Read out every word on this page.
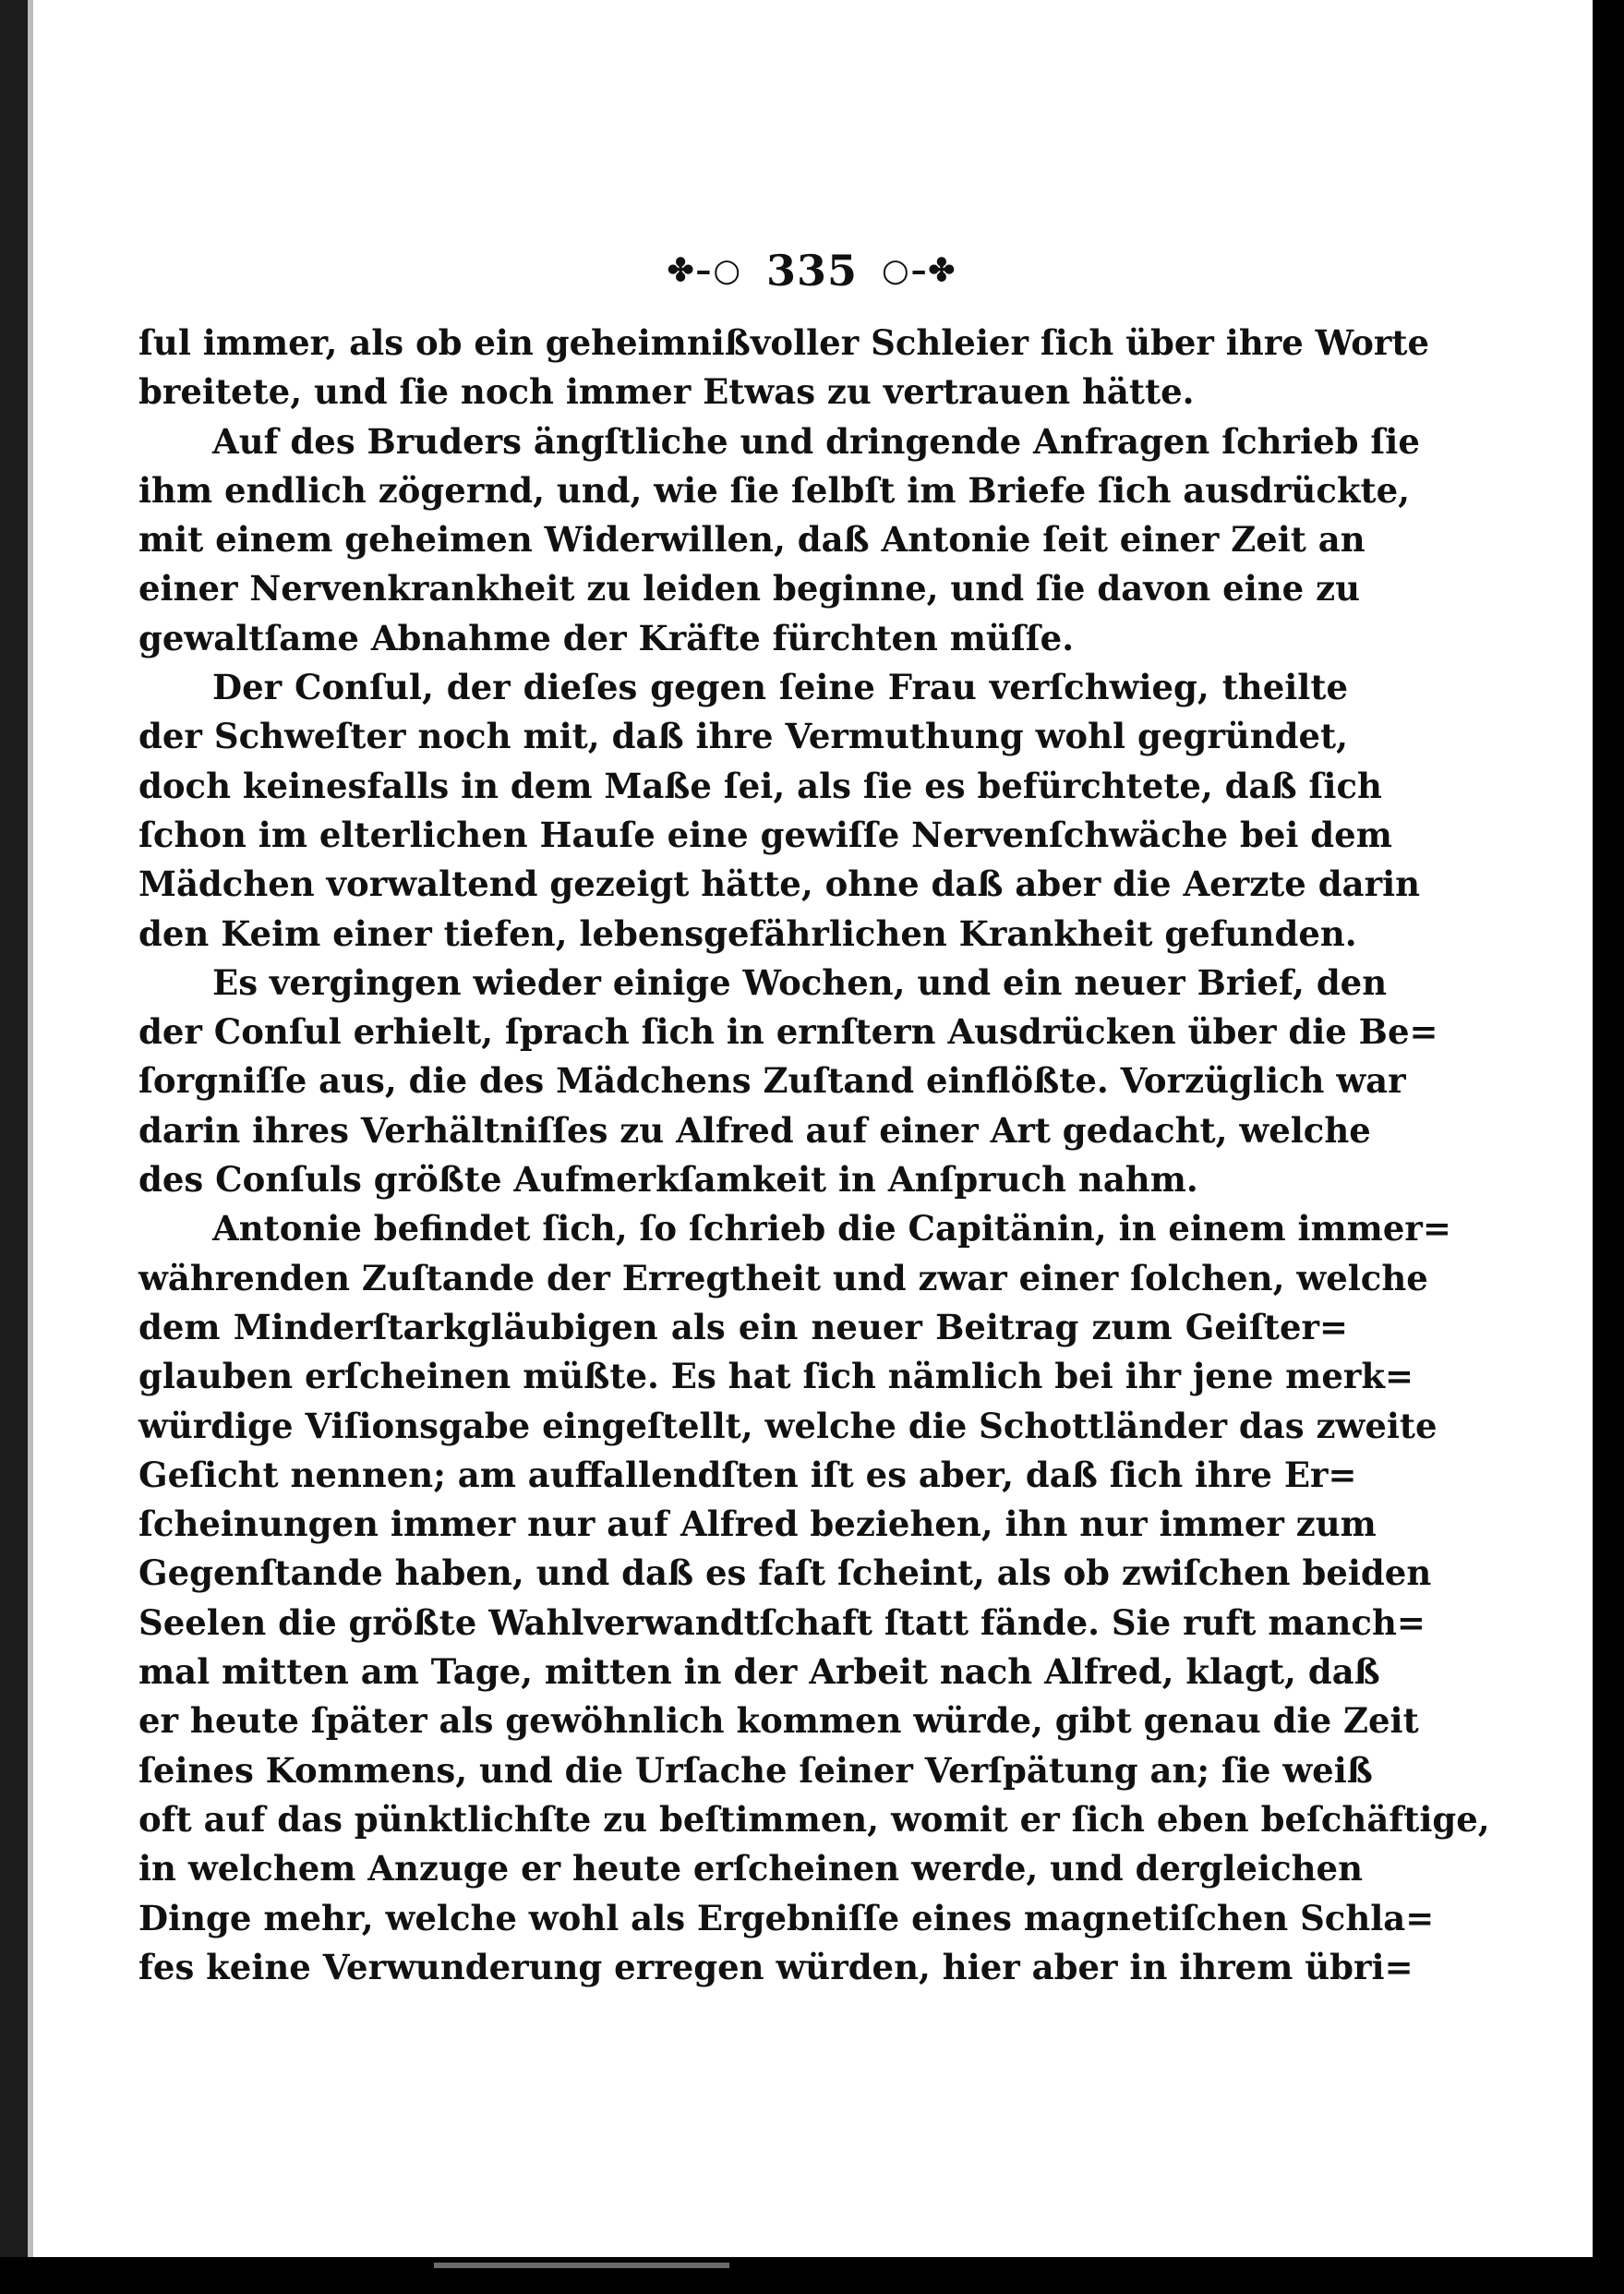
✤–○ 335 ○–✤
ſul immer, als ob ein geheimnißvoller Schleier ſich über ihre Worte
breitete, und ſie noch immer Etwas zu vertrauen hätte.
Auf des Bruders ängſtliche und dringende Anfragen ſchrieb ſie
ihm endlich zögernd, und, wie ſie ſelbſt im Briefe ſich ausdrückte,
mit einem geheimen Widerwillen, daß Antonie ſeit einer Zeit an
einer Nervenkrankheit zu leiden beginne, und ſie davon eine zu
gewaltſame Abnahme der Kräfte fürchten müſſe.
Der Conſul, der dieſes gegen ſeine Frau verſchwieg, theilte
der Schweſter noch mit, daß ihre Vermuthung wohl gegründet,
doch keinesfalls in dem Maße ſei, als ſie es befürchtete, daß ſich
ſchon im elterlichen Hauſe eine gewiſſe Nervenſchwäche bei dem
Mädchen vorwaltend gezeigt hätte, ohne daß aber die Aerzte darin
den Keim einer tiefen, lebensgefährlichen Krankheit gefunden.
Es vergingen wieder einige Wochen, und ein neuer Brief, den
der Conſul erhielt, ſprach ſich in ernſtern Ausdrücken über die Be=
ſorgniſſe aus, die des Mädchens Zuſtand einflößte. Vorzüglich war
darin ihres Verhältniſſes zu Alfred auf einer Art gedacht, welche
des Conſuls größte Aufmerkſamkeit in Anſpruch nahm.
Antonie befindet ſich, ſo ſchrieb die Capitänin, in einem immer=
währenden Zuſtande der Erregtheit und zwar einer ſolchen, welche
dem Minderſtarkgläubigen als ein neuer Beitrag zum Geiſter=
glauben erſcheinen müßte. Es hat ſich nämlich bei ihr jene merk=
würdige Viſionsgabe eingeſtellt, welche die Schottländer das zweite
Geſicht nennen; am auffallendſten iſt es aber, daß ſich ihre Er=
ſcheinungen immer nur auf Alfred beziehen, ihn nur immer zum
Gegenſtande haben, und daß es faſt ſcheint, als ob zwiſchen beiden
Seelen die größte Wahlverwandtſchaft ſtatt fände. Sie ruft manch=
mal mitten am Tage, mitten in der Arbeit nach Alfred, klagt, daß
er heute ſpäter als gewöhnlich kommen würde, gibt genau die Zeit
ſeines Kommens, und die Urſache ſeiner Verſpätung an; ſie weiß
oft auf das pünktlichſte zu beſtimmen, womit er ſich eben beſchäftige,
in welchem Anzuge er heute erſcheinen werde, und dergleichen
Dinge mehr, welche wohl als Ergebniſſe eines magnetiſchen Schla=
fes keine Verwunderung erregen würden, hier aber in ihrem übri=
